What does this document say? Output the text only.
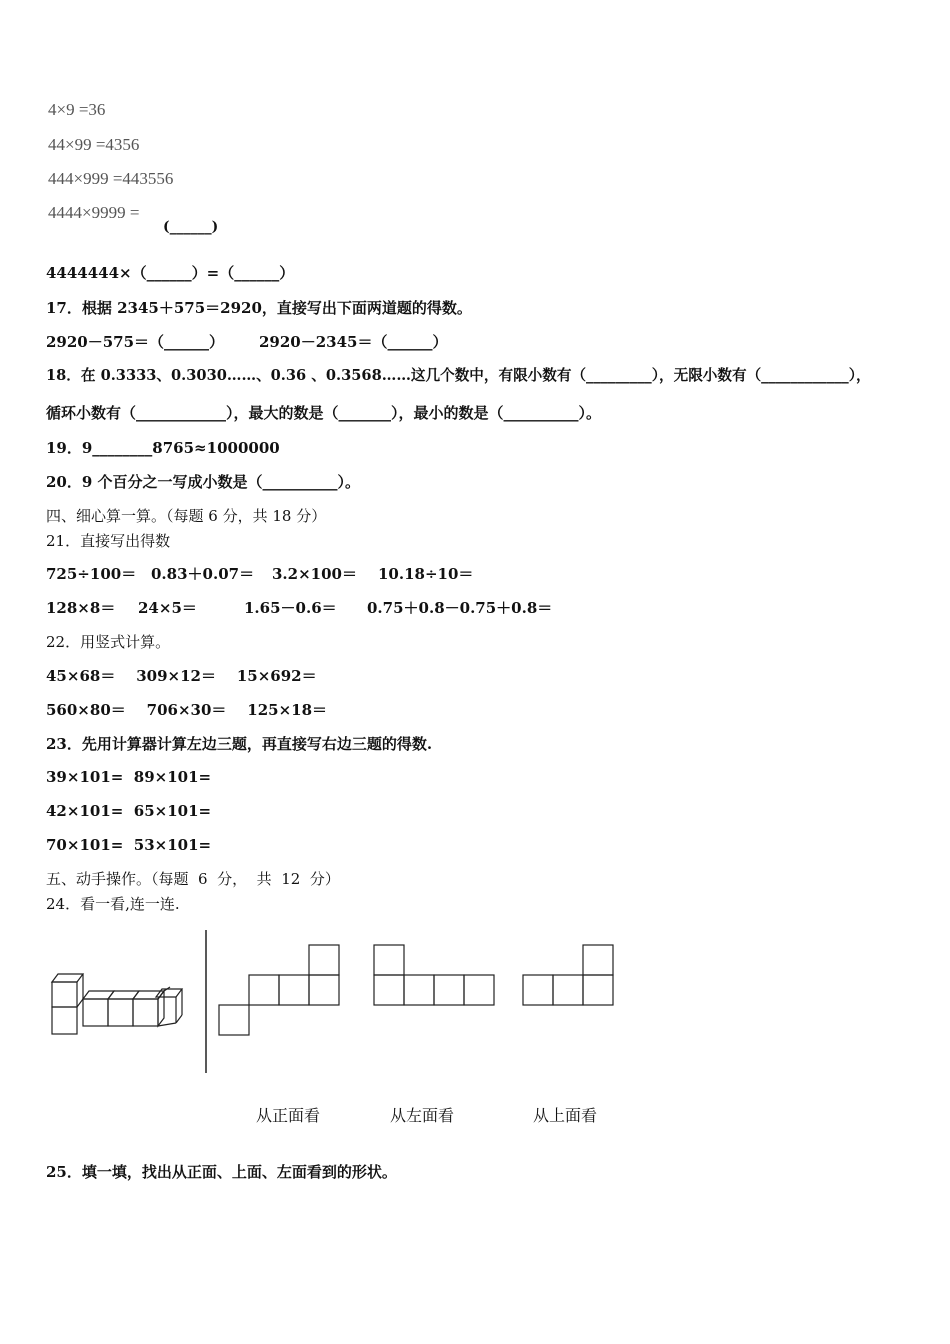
4×9 =36
44×99 =4356
444×999 =443556
4444×9999 =
(______)
4444444×（______）=（______）
17．根据 2345＋575＝2920，直接写出下面两道题的得数。
2920－575＝（______） 2920－2345＝（______）
18．在 0.3333、0.3030……、0.36 、0.3568……这几个数中，有限小数有（_________），无限小数有（____________），
循环小数有（____________），最大的数是（_______），最小的数是（__________）。
19．9________8765≈1000000
20．9 个百分之一写成小数是（__________）。
四、细心算一算。（每题 6 分，共 18 分）
21．直接写出得数
725÷100＝ 0.83＋0.07＝ 3.2×100＝ 10.18÷10＝
128×8＝ 24×5＝	1.65－0.6＝ 0.75＋0.8－0.75＋0.8＝
22．用竖式计算。
45×68＝    309×12＝    15×692＝
560×80＝    706×30＝    125×18＝
23．先用计算器计算左边三题，再直接写右边三题的得数.
39×101=  89×101=
42×101=  65×101=
70×101=  53×101=
五、动手操作。（每题  6  分，  共  12  分）
24．看一看,连一连.
从正面看	从左面看	从上面看
25．填一填，找出从正面、上面、左面看到的形状。
